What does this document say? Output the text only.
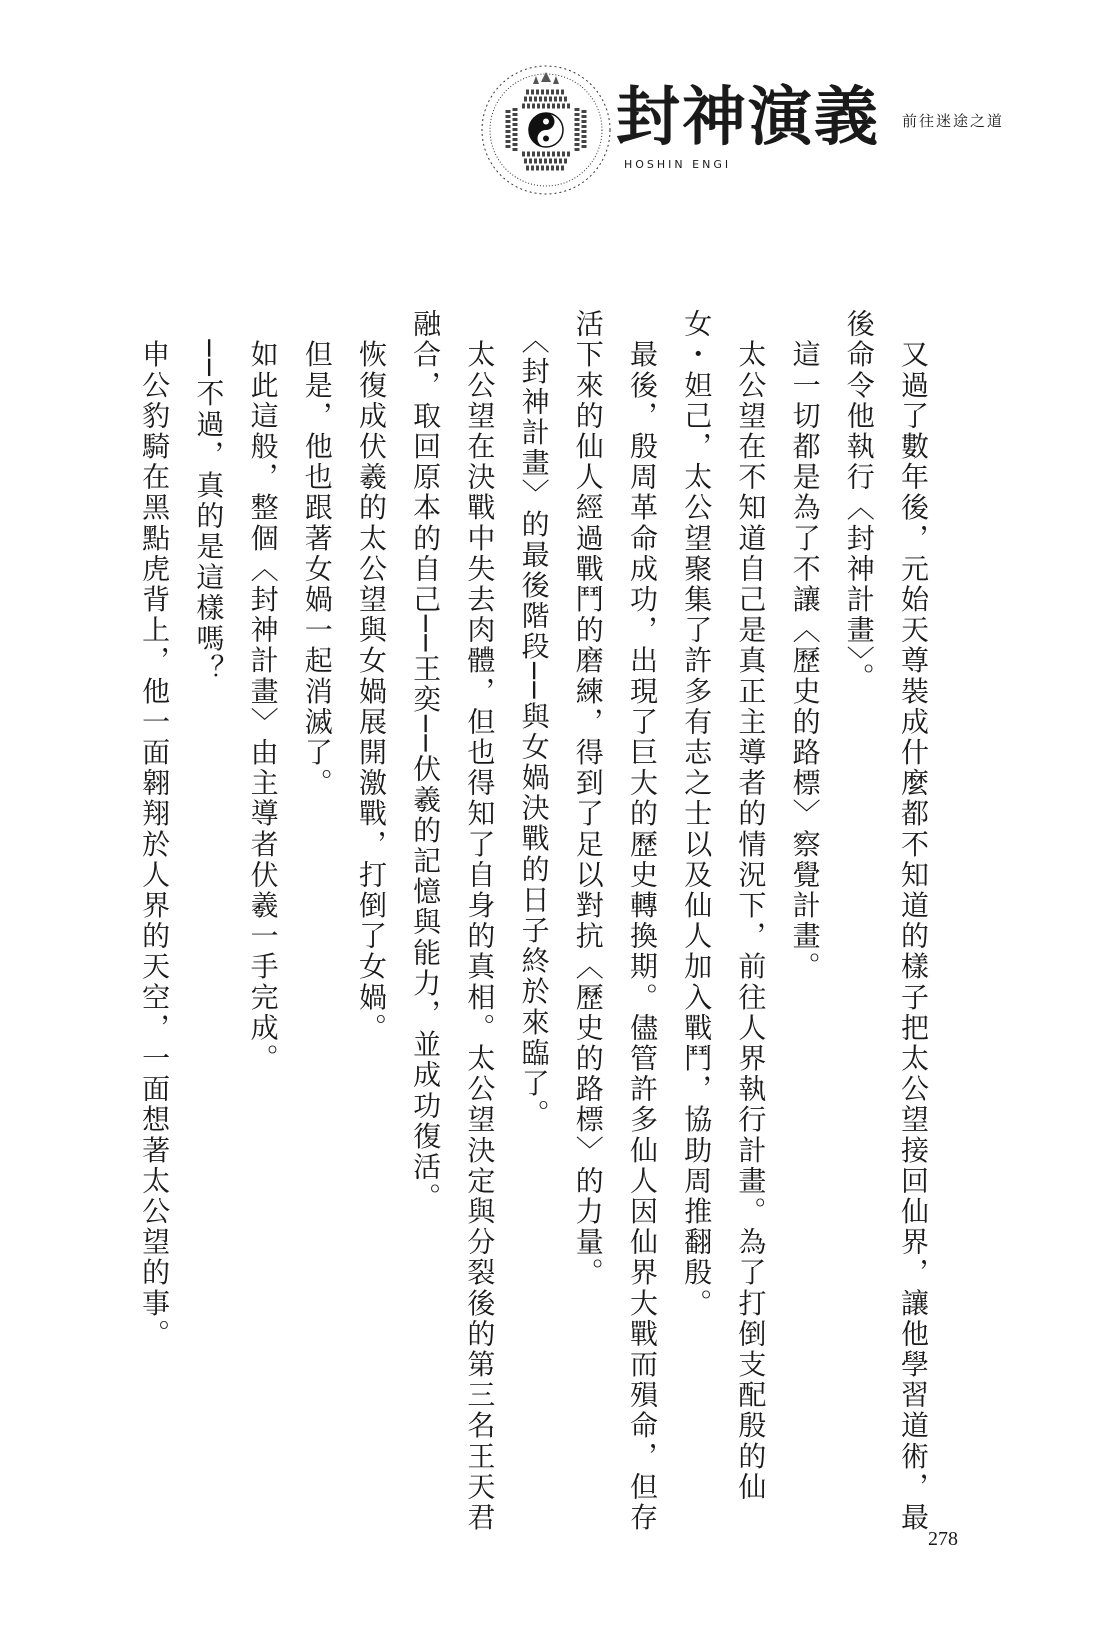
封神演義
HOSHIN ENGI
前往迷途之道

　又過了數年後，元始天尊裝成什麼都不知道的樣子把太公望接回仙界，讓他學習道術，最
後命令他執行〈封神計畫〉。

　這一切都是為了不讓〈歷史的路標〉察覺計畫。

　太公望在不知道自己是真正主導者的情況下，前往人界執行計畫。為了打倒支配殷的仙
女・妲己，太公望聚集了許多有志之士以及仙人加入戰鬥，協助周推翻殷。

　最後，殷周革命成功，出現了巨大的歷史轉換期。儘管許多仙人因仙界大戰而殞命，但存
活下來的仙人經過戰鬥的磨練，得到了足以對抗〈歷史的路標〉的力量。

　〈封神計畫〉的最後階段──與女媧決戰的日子終於來臨了。

　太公望在決戰中失去肉體，但也得知了自身的真相。太公望決定與分裂後的第三名王天君
融合，取回原本的自己──王奕──伏羲的記憶與能力，並成功復活。

　恢復成伏羲的太公望與女媧展開激戰，打倒了女媧。

　但是，他也跟著女媧一起消滅了。

　如此這般，整個〈封神計畫〉由主導者伏羲一手完成。

　──不過，真的是這樣嗎？

　申公豹騎在黑點虎背上，他一面翱翔於人界的天空，一面想著太公望的事。

278
